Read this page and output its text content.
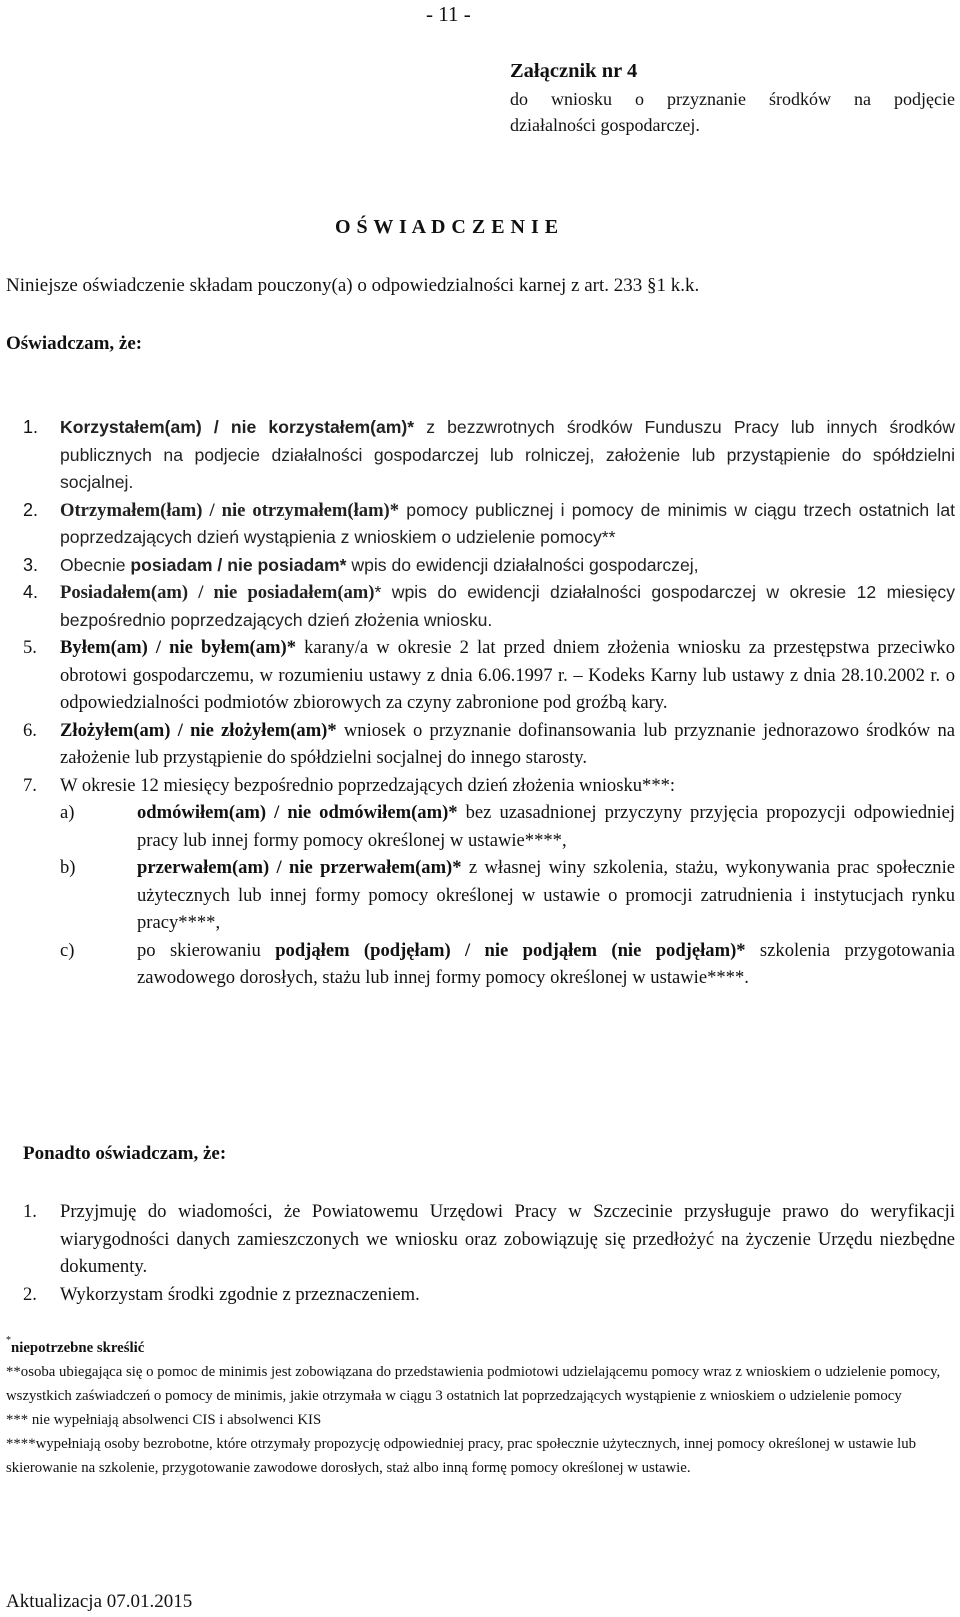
- 11 -
Załącznik nr 4
do wniosku o przyznanie środków na podjęcie
działalności gospodarczej.
O Ś W I A D C Z E N I E
Niniejsze oświadczenie składam pouczony(a) o odpowiedzialności karnej z art. 233 §1 k.k.
Oświadczam, że:
1.	Korzystałem(am) / nie korzystałem(am)* z bezzwrotnych środków Funduszu Pracy lub innych środków publicznych na podjecie działalności gospodarczej lub rolniczej, założenie lub przystąpienie do spółdzielni socjalnej.
2.	Otrzymałem(łam) / nie otrzymałem(łam)* pomocy publicznej i pomocy de minimis w ciągu trzech ostatnich lat poprzedzających dzień wystąpienia z wnioskiem o udzielenie pomocy**
3.	Obecnie posiadam / nie posiadam* wpis do ewidencji działalności gospodarczej,
4.	Posiadałem(am) / nie posiadałem(am)* wpis do ewidencji działalności gospodarczej w okresie 12 miesięcy bezpośrednio poprzedzających dzień złożenia wniosku.
5.	Byłem(am) / nie byłem(am)* karany/a w okresie 2 lat przed dniem złożenia wniosku za przestępstwa przeciwko obrotowi gospodarczemu, w rozumieniu ustawy z dnia 6.06.1997 r. – Kodeks Karny lub ustawy z dnia 28.10.2002 r. o odpowiedzialności podmiotów zbiorowych za czyny zabronione pod groźbą kary.
6.	Złożyłem(am) / nie złożyłem(am)* wniosek o przyznanie dofinansowania lub przyznanie jednorazowo środków na założenie lub przystąpienie do spółdzielni socjalnej do innego starosty.
7.	W okresie 12 miesięcy bezpośrednio poprzedzających dzień złożenia wniosku***:
a)	odmówiłem(am) / nie odmówiłem(am)* bez uzasadnionej przyczyny przyjęcia propozycji odpowiedniej pracy lub innej formy pomocy określonej w ustawie****,
b)	przerwałem(am) / nie przerwałem(am)* z własnej winy szkolenia, stażu, wykonywania prac społecznie użytecznych lub innej formy pomocy określonej w ustawie o promocji zatrudnienia i instytucjach rynku pracy****,
c)	po skierowaniu podjąłem (podjęłam) / nie podjąłem (nie podjęłam)* szkolenia przygotowania zawodowego dorosłych, stażu lub innej formy pomocy określonej w ustawie****.
Ponadto oświadczam, że:
1.	Przyjmuję do wiadomości, że Powiatowemu Urzędowi Pracy w Szczecinie przysługuje prawo do weryfikacji wiarygodności danych zamieszczonych we wniosku oraz zobowiązuję się przedłożyć na życzenie Urzędu niezbędne dokumenty.
2.	Wykorzystam środki zgodnie z przeznaczeniem.

*niepotrzebne skreślić

**osoba ubiegająca się o pomoc de minimis jest zobowiązana do przedstawienia podmiotowi udzielającemu pomocy wraz z wnioskiem o udzielenie pomocy, wszystkich zaświadczeń o pomocy de minimis, jakie otrzymała w ciągu 3 ostatnich lat poprzedzających wystąpienie z wnioskiem o udzielenie pomocy

*** nie wypełniają absolwenci CIS i absolwenci KIS

****wypełniają osoby bezrobotne, które otrzymały propozycję odpowiedniej pracy, prac społecznie użytecznych, innej pomocy określonej w ustawie lub skierowanie na szkolenie, przygotowanie zawodowe dorosłych, staż albo inną formę pomocy określonej w ustawie.

Aktualizacja 07.01.2015
